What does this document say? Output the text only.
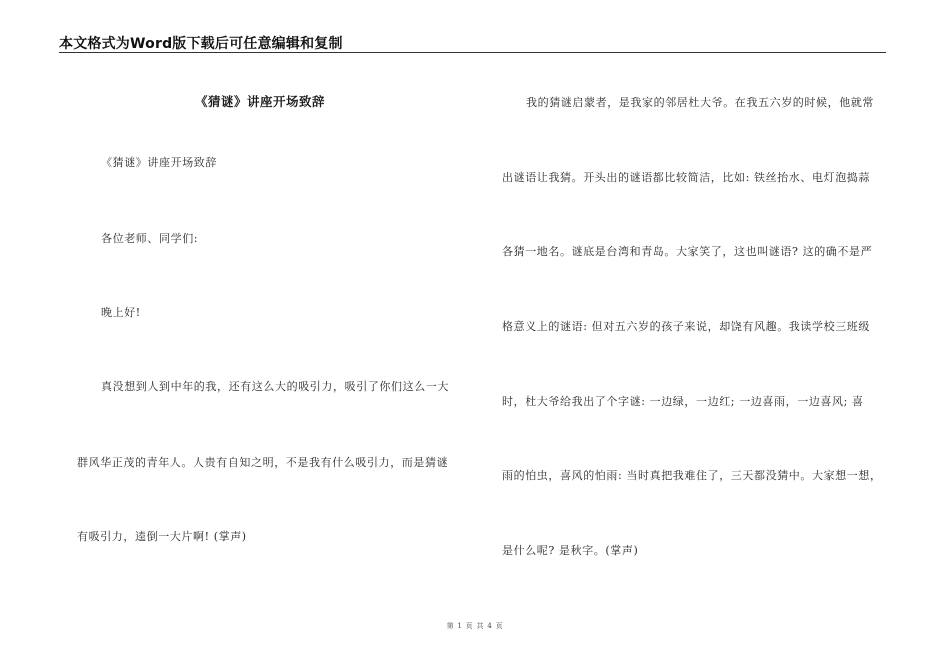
本文格式为Word版下载后可任意编辑和复制
《猜谜》讲座开场致辞
《猜谜》讲座开场致辞
各位老师、同学们:
晚上好!
真没想到人到中年的我，还有这么大的吸引力，吸引了你们这么一大
群风华正茂的青年人。人贵有自知之明，不是我有什么吸引力，而是猜谜
有吸引力，逵倒一大片啊! (掌声)
我的猜谜启蒙者，是我家的邻居杜大爷。在我五六岁的时候，他就常
出谜语让我猜。开头出的谜语都比较简洁，比如: 铁丝抬水、电灯泡捣蒜
各猜一地名。谜底是台湾和青岛。大家笑了，这也叫谜语? 这的确不是严
格意义上的谜语: 但对五六岁的孩子来说，却饶有风趣。我读学校三班级
时，杜大爷给我出了个字谜: 一边绿，一边红; 一边喜雨，一边喜风; 喜
雨的怕虫，喜风的怕雨: 当时真把我难住了，三天都没猜中。大家想一想，
是什么呢? 是秋字。(掌声)
第 1 页 共 4 页
